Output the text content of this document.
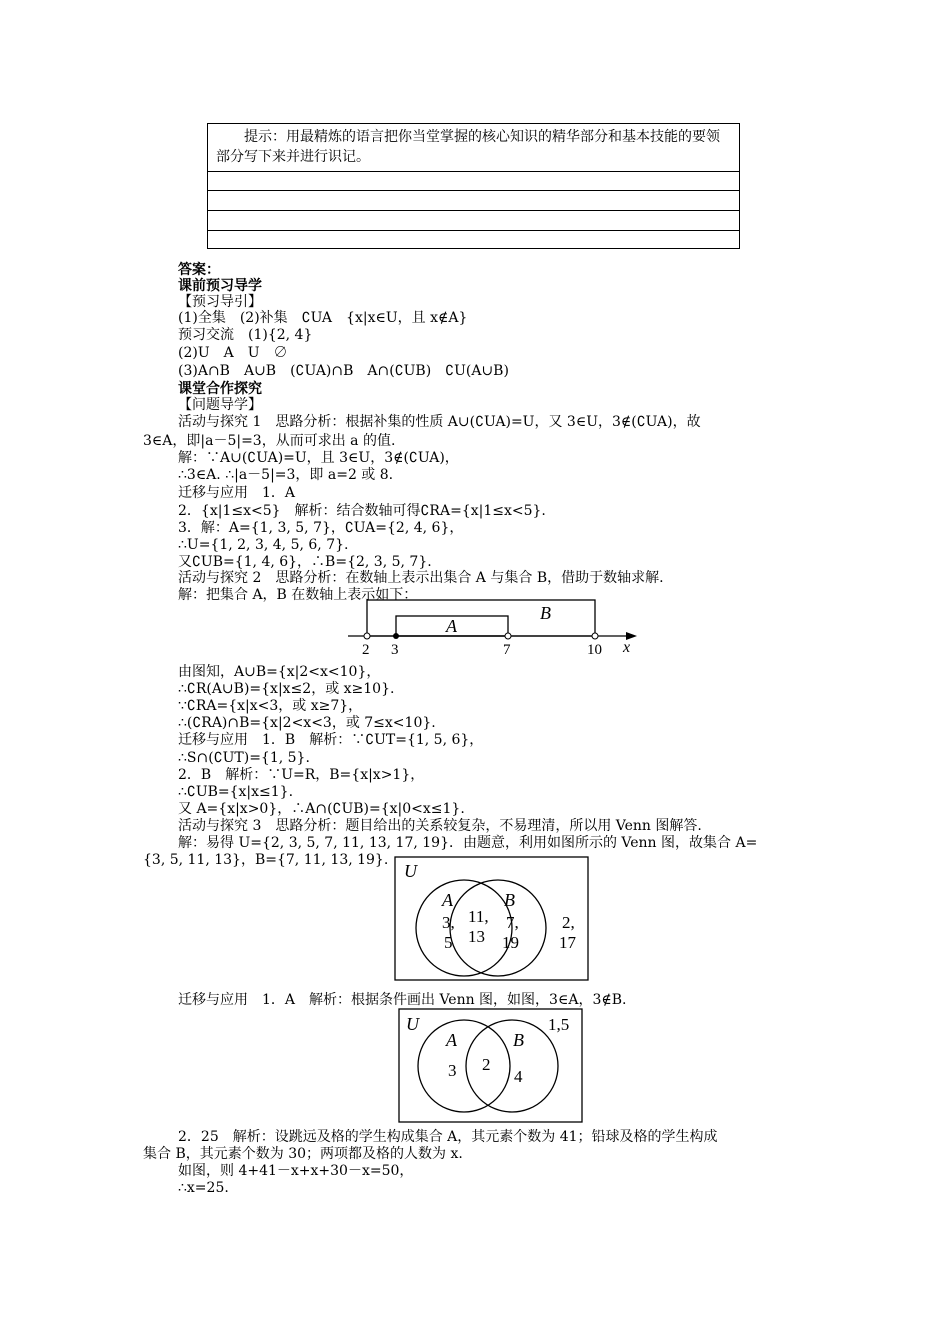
提示：用最精炼的语言把你当堂掌握的核心知识的精华部分和基本技能的要领部分写下来并进行识记。
答案：
课前预习导学
【预习导引】
(1)全集　(2)补集　∁UA　{x|x∈U，且 x∉A}
预习交流　(1){2, 4}
(2)U　A　U　∅
(3)A∩B　A∪B　(∁UA)∩B　A∩(∁UB)　∁U(A∪B)
课堂合作探究
【问题导学】
活动与探究 1　思路分析：根据补集的性质 A∪(∁UA)=U，又 3∈U，3∉(∁UA)，故
3∈A，即|a－5|=3，从而可求出 a 的值.
解：∵A∪(∁UA)=U，且 3∈U，3∉(∁UA)，
∴3∈A. ∴|a－5|=3，即 a=2 或 8.
迁移与应用　1．A
2．{x|1≤x<5}　解析：结合数轴可得∁RA={x|1≤x<5}.
3．解：A={1, 3, 5, 7}，∁UA={2, 4, 6}，
∴U={1, 2, 3, 4, 5, 6, 7}.
又∁UB={1, 4, 6}，∴B={2, 3, 5, 7}.
活动与探究 2　思路分析：在数轴上表示出集合 A 与集合 B，借助于数轴求解.
解：把集合 A，B 在数轴上表示如下：
由图知，A∪B={x|2<x<10}，
∴∁R(A∪B)={x|x≤2，或 x≥10}.
∵∁RA={x|x<3，或 x≥7}，
∴(∁RA)∩B={x|2<x<3，或 7≤x<10}.
迁移与应用　1．B　解析：∵∁UT={1, 5, 6}，
∴S∩(∁UT)={1, 5}.
2．B　解析：∵U=R，B={x|x>1}，
∴∁UB={x|x≤1}.
又 A={x|x>0}，∴A∩(∁UB)={x|0<x≤1}.
活动与探究 3　思路分析：题目给出的关系较复杂，不易理清，所以用 Venn 图解答.
解：易得 U={2, 3, 5, 7, 11, 13, 17, 19}．由题意，利用如图所示的 Venn 图，故集合 A=
{3, 5, 11, 13}，B={7, 11, 13, 19}.
迁移与应用　1．A　解析：根据条件画出 Venn 图，如图，3∈A，3∉B.
2．25　解析：设跳远及格的学生构成集合 A，其元素个数为 41；铅球及格的学生构成
集合 B，其元素个数为 30；两项都及格的人数为 x.
如图，则 4+41－x+x+30－x=50，
∴x=25.
B
A
2 3	7	10 x
U
A	B
3,
5
11,
13
7,
19
2,
17
U
A	B
1,5
3 2
4
